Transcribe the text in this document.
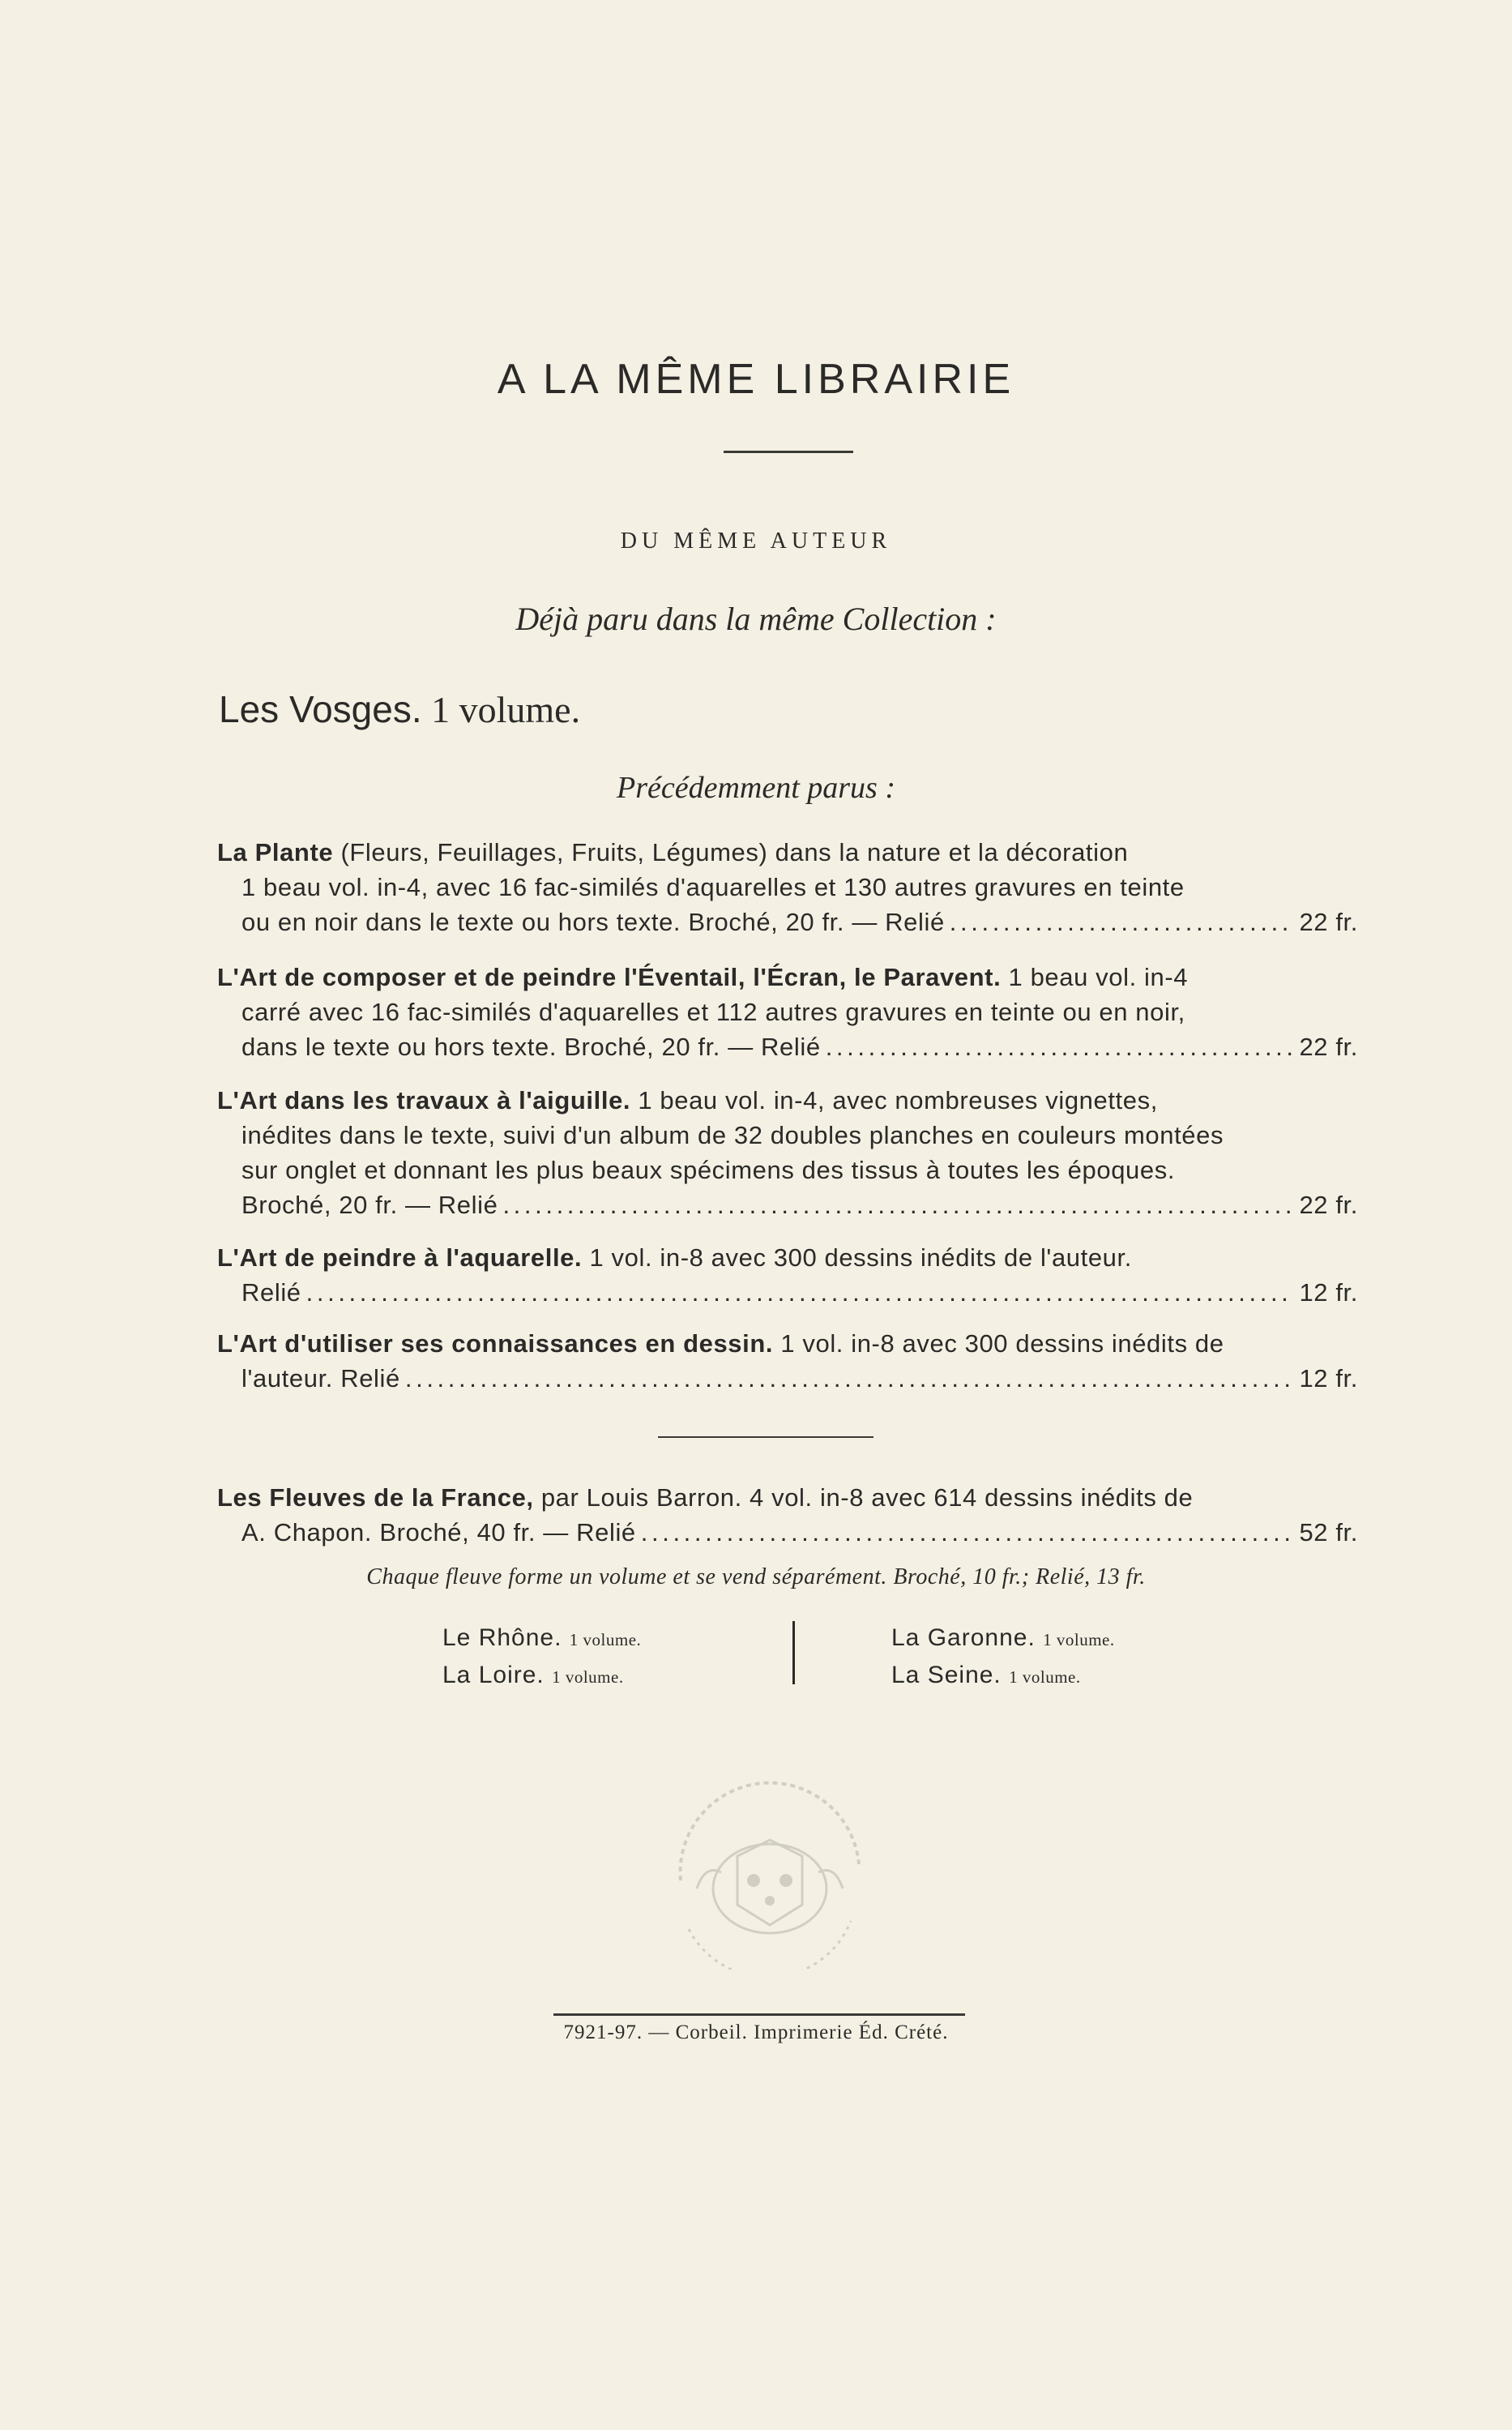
A LA MÊME LIBRAIRIE
DU MÊME AUTEUR
Déjà paru dans la même Collection :
Les Vosges. 1 volume.
Précédemment parus :
La Plante (Fleurs, Feuillages, Fruits, Légumes) dans la nature et la décoration
1 beau vol. in-4, avec 16 fac-similés d'aquarelles et 130 autres gravures en teinte
ou en noir dans le texte ou hors texte. Broché, 20 fr. — Relié . . .	22 fr.
L'Art de composer et de peindre l'Éventail, l'Écran, le Paravent. 1 beau vol. in-4
carré avec 16 fac-similés d'aquarelles et 112 autres gravures en teinte ou en noir,
dans le texte ou hors texte. Broché, 20 fr. — Relié . . .	22 fr.
L'Art dans les travaux à l'aiguille. 1 beau vol. in-4, avec nombreuses vignettes,
inédites dans le texte, suivi d'un album de 32 doubles planches en couleurs montées
sur onglet et donnant les plus beaux spécimens des tissus à toutes les époques.
Broché, 20 fr. — Relié . . .	22 fr.
L'Art de peindre à l'aquarelle. 1 vol. in-8 avec 300 dessins inédits de l'auteur.
Relié . . .	12 fr.
L'Art d'utiliser ses connaissances en dessin. 1 vol. in-8 avec 300 dessins inédits de
l'auteur. Relié . . .	12 fr.
Les Fleuves de la France, par Louis Barron. 4 vol. in-8 avec 614 dessins inédits de
A. Chapon. Broché, 40 fr. — Relié . . .	52 fr.
Chaque fleuve forme un volume et se vend séparément. Broché, 10 fr.; Relié, 13 fr.
Le Rhône. 1 volume.
La Loire. 1 volume.
La Garonne. 1 volume.
La Seine. 1 volume.
7921-97. — Corbeil. Imprimerie Éd. Crété.
